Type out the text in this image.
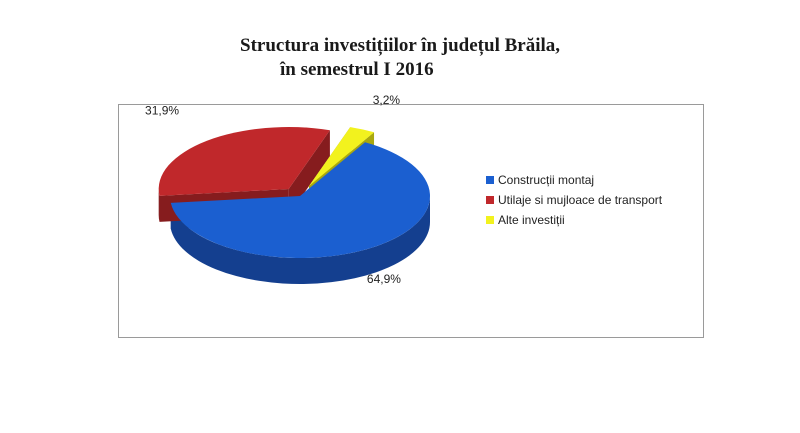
Structura investițiilor în județul Brăila,
în semestrul I 2016
64,9%
31,9%
3,2%
Construcții montaj
Utilaje si mujloace de transport
Alte investiții
